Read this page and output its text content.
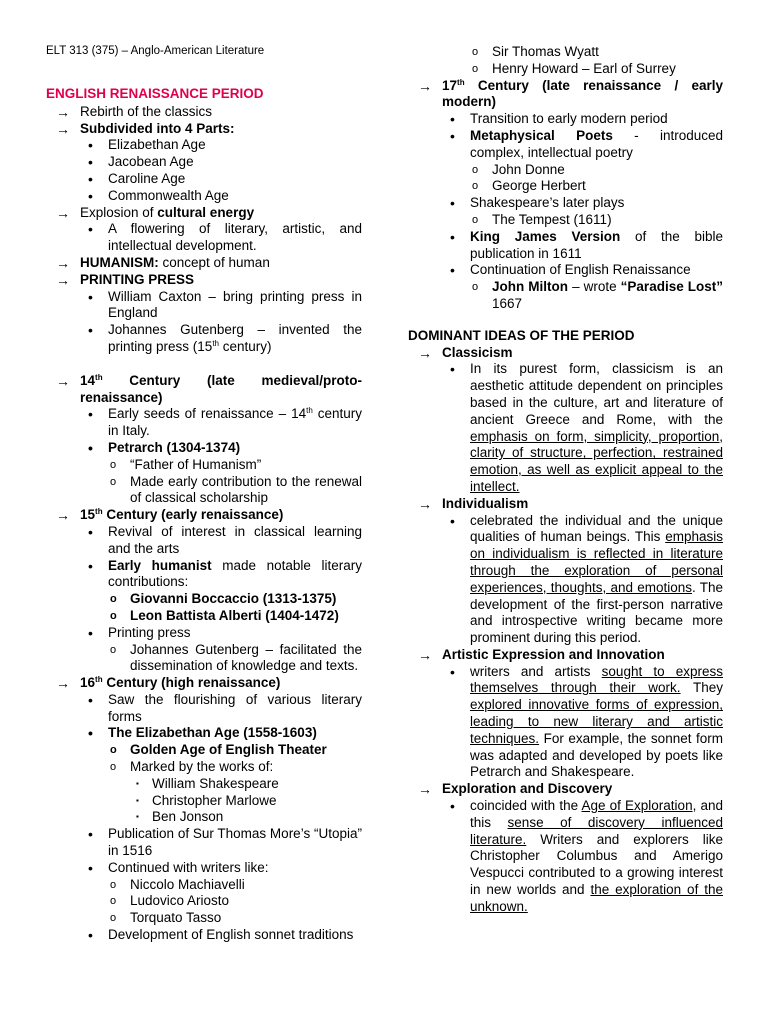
ELT 313 (375) – Anglo-American Literature
ENGLISH RENAISSANCE PERIOD
→ Rebirth of the classics
→ Subdivided into 4 Parts:
• Elizabethan Age
• Jacobean Age
• Caroline Age
• Commonwealth Age
→ Explosion of cultural energy
• A flowering of literary, artistic, and intellectual development.
→ HUMANISM: concept of human
→ PRINTING PRESS
• William Caxton – bring printing press in England
• Johannes Gutenberg – invented the printing press (15th century)
→ 14th Century (late medieval/proto-renaissance)
• Early seeds of renaissance – 14th century in Italy.
• Petrarch (1304-1374)
o “Father of Humanism”
o Made early contribution to the renewal of classical scholarship
→ 15th Century (early renaissance)
• Revival of interest in classical learning and the arts
• Early humanist made notable literary contributions:
o Giovanni Boccaccio (1313-1375)
o Leon Battista Alberti (1404-1472)
• Printing press
o Johannes Gutenberg – facilitated the dissemination of knowledge and texts.
→ 16th Century (high renaissance)
• Saw the flourishing of various literary forms
• The Elizabethan Age (1558-1603)
o Golden Age of English Theater
o Marked by the works of:
▪ William Shakespeare
▪ Christopher Marlowe
▪ Ben Jonson
• Publication of Sur Thomas More’s “Utopia” in 1516
• Continued with writers like:
o Niccolo Machiavelli
o Ludovico Ariosto
o Torquato Tasso
• Development of English sonnet traditions
o Sir Thomas Wyatt
o Henry Howard – Earl of Surrey
→ 17th Century (late renaissance / early modern)
• Transition to early modern period
• Metaphysical Poets - introduced complex, intellectual poetry
o John Donne
o George Herbert
• Shakespeare’s later plays
o The Tempest (1611)
• King James Version of the bible publication in 1611
• Continuation of English Renaissance
o John Milton – wrote “Paradise Lost” 1667
DOMINANT IDEAS OF THE PERIOD
→ Classicism
• In its purest form, classicism is an aesthetic attitude dependent on principles based in the culture, art and literature of ancient Greece and Rome, with the emphasis on form, simplicity, proportion, clarity of structure, perfection, restrained emotion, as well as explicit appeal to the intellect.
→ Individualism
• celebrated the individual and the unique qualities of human beings. This emphasis on individualism is reflected in literature through the exploration of personal experiences, thoughts, and emotions. The development of the first-person narrative and introspective writing became more prominent during this period.
→ Artistic Expression and Innovation
• writers and artists sought to express themselves through their work. They explored innovative forms of expression, leading to new literary and artistic techniques. For example, the sonnet form was adapted and developed by poets like Petrarch and Shakespeare.
→ Exploration and Discovery
• coincided with the Age of Exploration, and this sense of discovery influenced literature. Writers and explorers like Christopher Columbus and Amerigo Vespucci contributed to a growing interest in new worlds and the exploration of the unknown.
